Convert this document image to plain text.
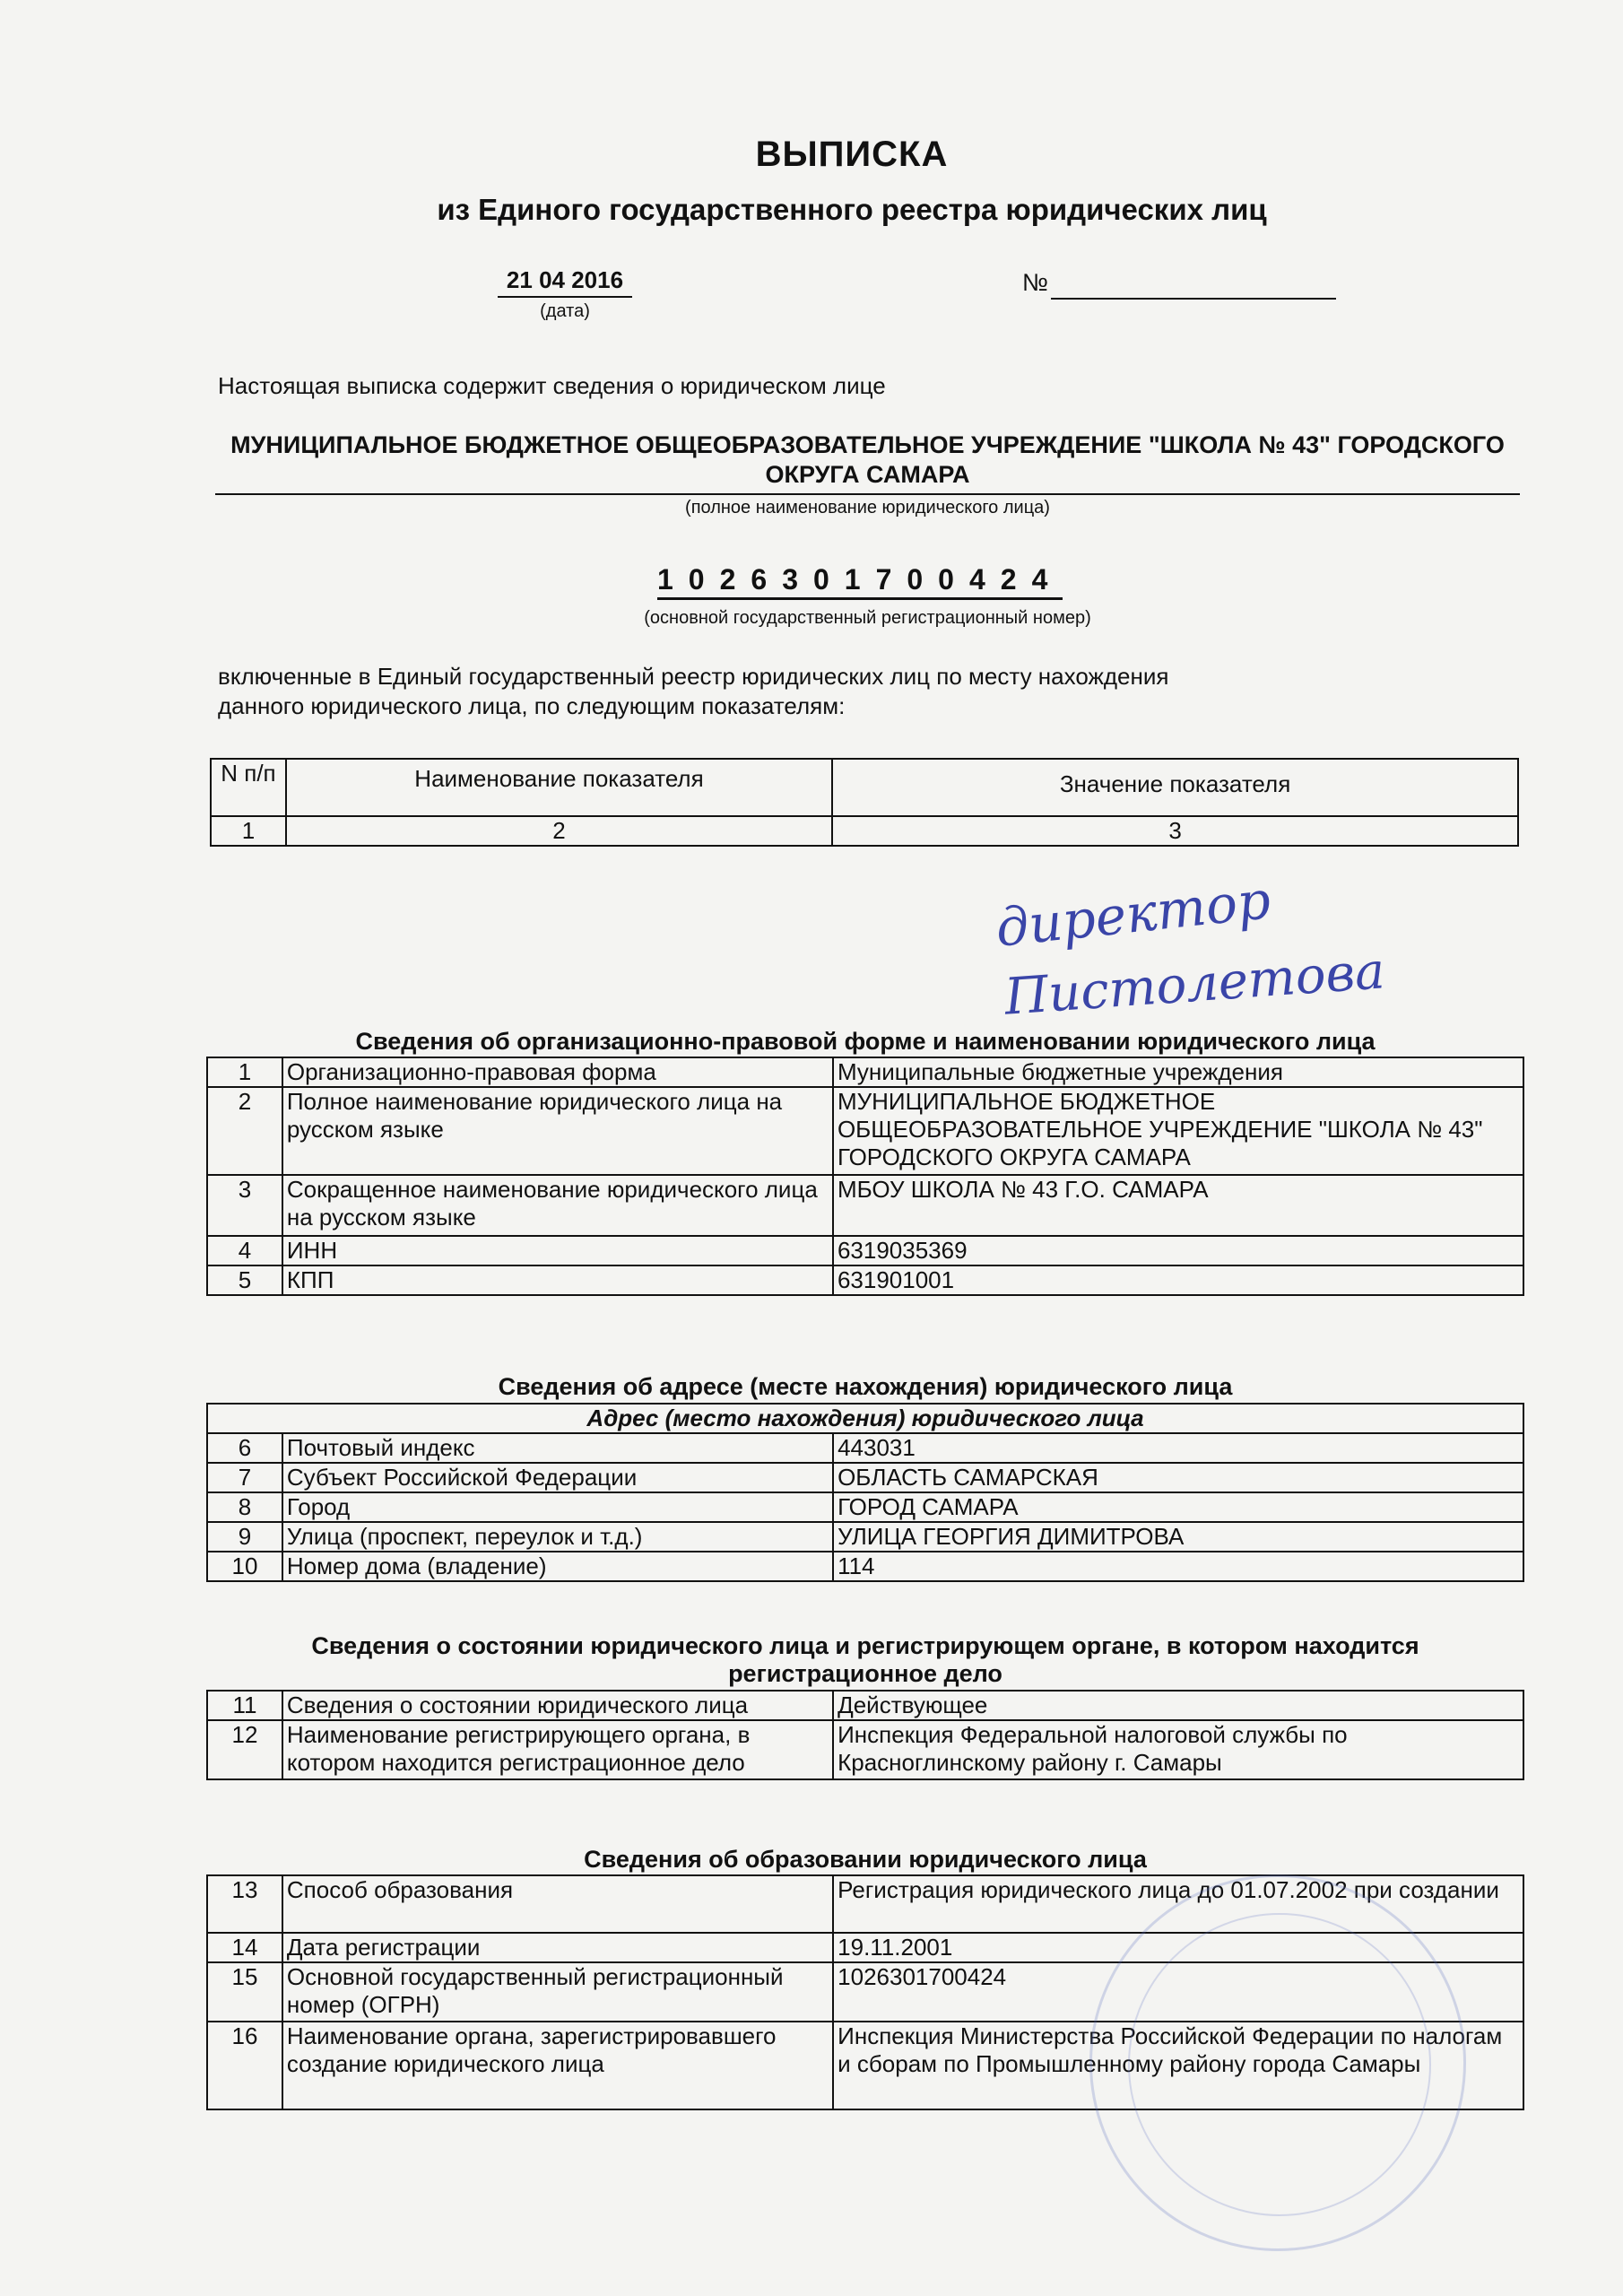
ВЫПИСКА
из Единого государственного реестра юридических лиц
21 04 2016
(дата)
№
Настоящая выписка содержит сведения о юридическом лице
МУНИЦИПАЛЬНОЕ БЮДЖЕТНОЕ ОБЩЕОБРАЗОВАТЕЛЬНОЕ УЧРЕЖДЕНИЕ "ШКОЛА № 43" ГОРОДСКОГО ОКРУГА САМАРА
(полное наименование юридического лица)
1026301700424
(основной государственный регистрационный номер)
включенные в Единый государственный реестр юридических лиц по месту нахождения данного юридического лица, по следующим показателям:
N п/п	Наименование показателя	Значение показателя
1	2	3
директор
Пистолетова
Сведения об организационно-правовой форме и наименовании юридического лица
1	Организационно-правовая форма	Муниципальные бюджетные учреждения
2	Полное наименование юридического лица на русском языке	МУНИЦИПАЛЬНОЕ БЮДЖЕТНОЕ ОБЩЕОБРАЗОВАТЕЛЬНОЕ УЧРЕЖДЕНИЕ "ШКОЛА № 43" ГОРОДСКОГО ОКРУГА САМАРА
3	Сокращенное наименование юридического лица на русском языке	МБОУ ШКОЛА № 43 Г.О. САМАРА
4	ИНН	6319035369
5	КПП	631901001
Сведения об адресе (месте нахождения) юридического лица
Адрес (место нахождения) юридического лица		
6	Почтовый индекс	443031
7	Субъект Российской Федерации	ОБЛАСТЬ САМАРСКАЯ
8	Город	ГОРОД САМАРА
9	Улица (проспект, переулок и т.д.)	УЛИЦА ГЕОРГИЯ ДИМИТРОВА
10	Номер дома (владение)	114
Сведения о состоянии юридического лица и регистрирующем органе, в котором находится регистрационное дело
11	Сведения о состоянии юридического лица	Действующее
12	Наименование регистрирующего органа, в котором находится регистрационное дело	Инспекция Федеральной налоговой службы по Красноглинскому району г. Самары
Сведения об образовании юридического лица
13	Способ образования	Регистрация юридического лица до 01.07.2002 при создании
14	Дата регистрации	19.11.2001
15	Основной государственный регистрационный номер (ОГРН)	1026301700424
16	Наименование органа, зарегистрировавшего создание юридического лица	Инспекция Министерства Российской Федерации по налогам и сборам по Промышленному району города Самары
